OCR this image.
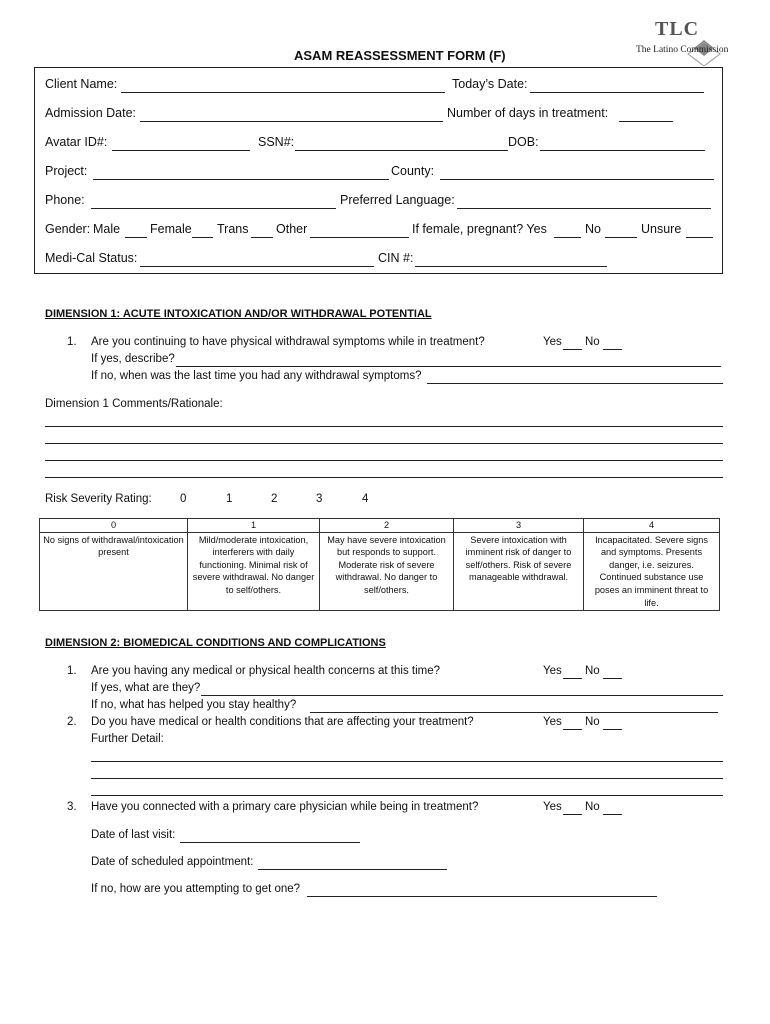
TLC
The Latino Commission
ASAM REASSESSMENT FORM (F)
Client Name:	Today’s Date:
Admission Date:	Number of days in treatment:
Avatar ID#:	SSN#:	DOB:
Project:	County:
Phone:	Preferred Language:
Gender: Male Female Trans Other	If female, pregnant? Yes	No	Unsure
Medi-Cal Status:	CIN #:
DIMENSION 1: ACUTE INTOXICATION AND/OR WITHDRAWAL POTENTIAL
1. Are you continuing to have physical withdrawal symptoms while in treatment?	Yes No
If yes, describe?
If no, when was the last time you had any withdrawal symptoms?
Dimension 1 Comments/Rationale:
Risk Severity Rating: 0	1	2	3	4
0	1	2	3	4
No signs of withdrawal/intoxication present	Mild/moderate intoxication, interferers with daily functioning. Minimal risk of severe withdrawal. No danger to self/others.	May have severe intoxication but responds to support. Moderate risk of severe withdrawal. No danger to self/others.	Severe intoxication with imminent risk of danger to self/others. Risk of severe manageable withdrawal.	Incapacitated. Severe signs and symptoms. Presents danger, i.e. seizures. Continued substance use poses an imminent threat to life.
DIMENSION 2: BIOMEDICAL CONDITIONS AND COMPLICATIONS
1. Are you having any medical or physical health concerns at this time?	Yes No
If yes, what are they?
If no, what has helped you stay healthy?
2. Do you have medical or health conditions that are affecting your treatment?	Yes No
Further Detail:
3. Have you connected with a primary care physician while being in treatment?	Yes No
Date of last visit:
Date of scheduled appointment:
If no, how are you attempting to get one?
